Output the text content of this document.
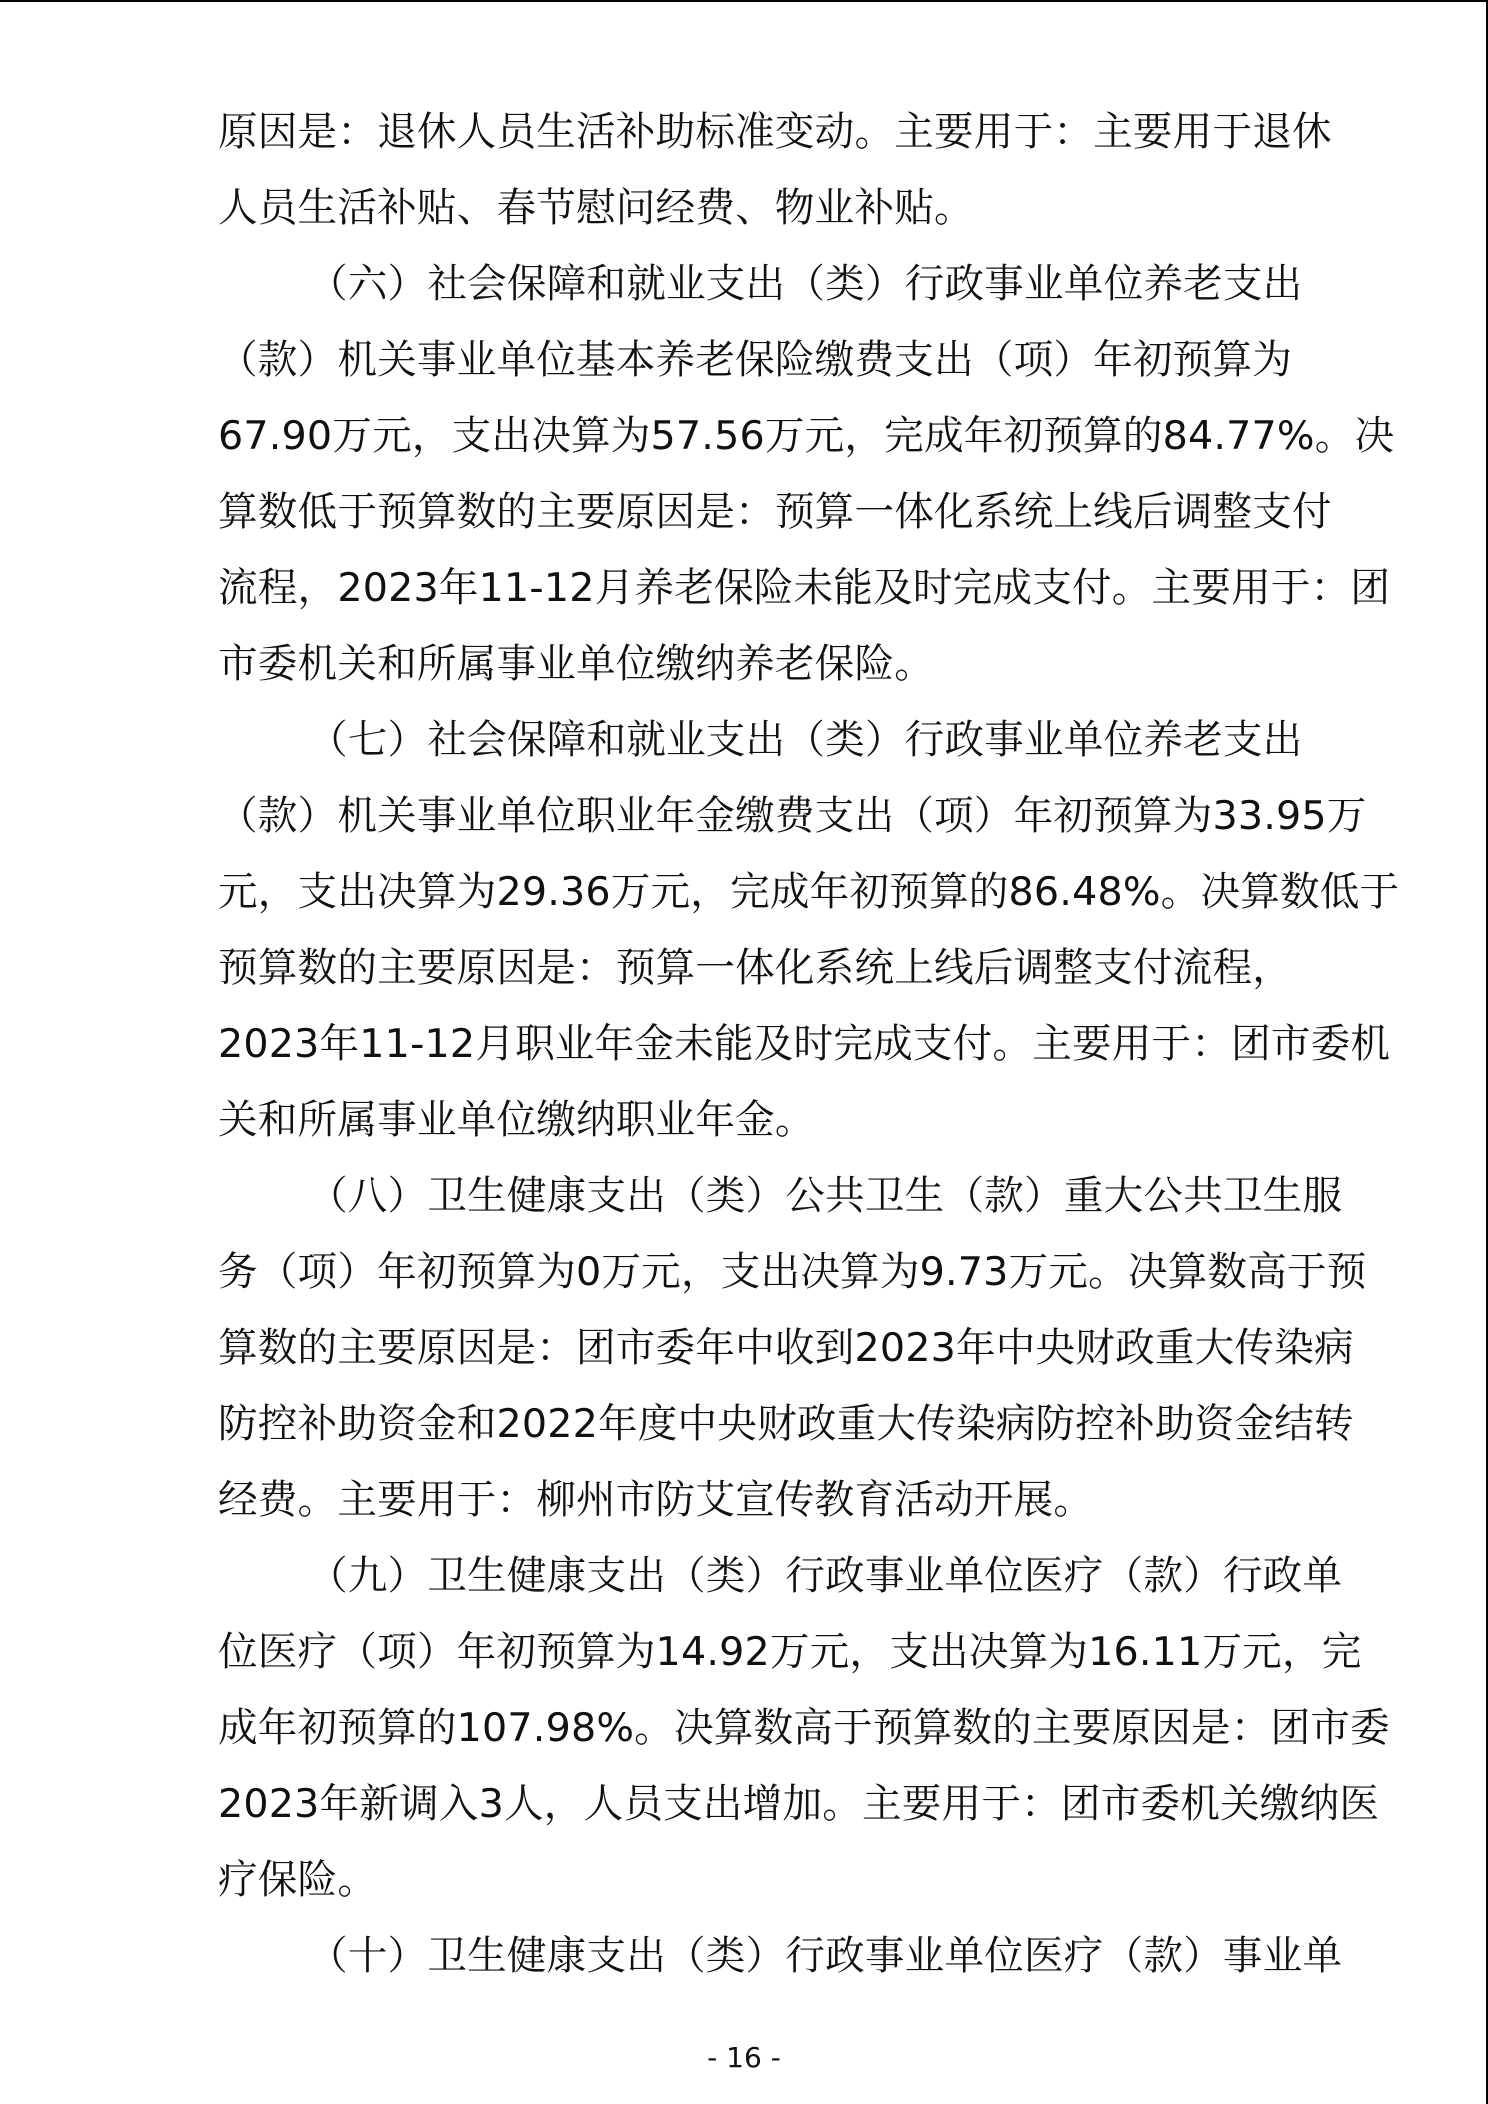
原因是：退休人员生活补助标准变动。主要用于：主要用于退休
人员生活补贴、春节慰问经费、物业补贴。
（六）社会保障和就业支出（类）行政事业单位养老支出
（款）机关事业单位基本养老保险缴费支出（项）年初预算为
67.90万元，支出决算为57.56万元，完成年初预算的84.77%。决
算数低于预算数的主要原因是：预算一体化系统上线后调整支付
流程，2023年11-12月养老保险未能及时完成支付。主要用于：团
市委机关和所属事业单位缴纳养老保险。
（七）社会保障和就业支出（类）行政事业单位养老支出
（款）机关事业单位职业年金缴费支出（项）年初预算为33.95万
元，支出决算为29.36万元，完成年初预算的86.48%。决算数低于
预算数的主要原因是：预算一体化系统上线后调整支付流程，
2023年11-12月职业年金未能及时完成支付。主要用于：团市委机
关和所属事业单位缴纳职业年金。
（八）卫生健康支出（类）公共卫生（款）重大公共卫生服
务（项）年初预算为0万元，支出决算为9.73万元。决算数高于预
算数的主要原因是：团市委年中收到2023年中央财政重大传染病
防控补助资金和2022年度中央财政重大传染病防控补助资金结转
经费。主要用于：柳州市防艾宣传教育活动开展。
（九）卫生健康支出（类）行政事业单位医疗（款）行政单
位医疗（项）年初预算为14.92万元，支出决算为16.11万元，完
成年初预算的107.98%。决算数高于预算数的主要原因是：团市委
2023年新调入3人，人员支出增加。主要用于：团市委机关缴纳医
疗保险。
（十）卫生健康支出（类）行政事业单位医疗（款）事业单
- 16 -
